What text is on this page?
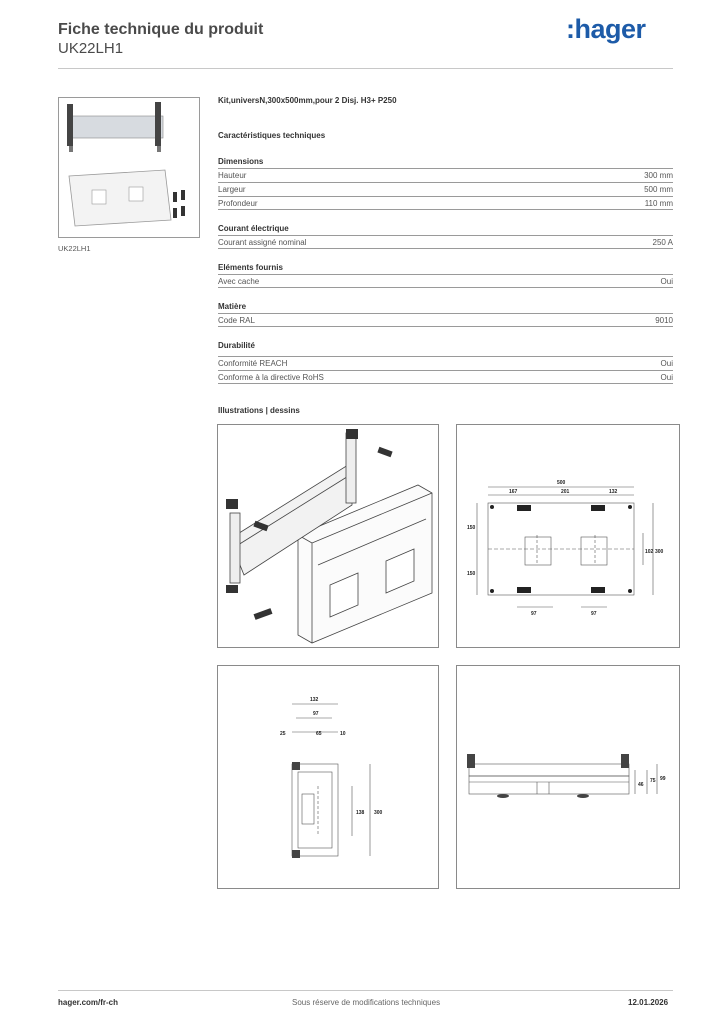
Fiche technique du produit
UK22LH1
:hager
UK22LH1
Kit,universN,300x500mm,pour 2 Disj. H3+ P250
Caractéristiques techniques
Dimensions
Hauteur	300 mm
Largeur	500 mm
Profondeur	110 mm
Courant électrique
Courant assigné nominal	250 A
Eléments fournis
Avec cache	Oui
Matière
Code RAL	9010
Durabilité
Conformité REACH	Oui
Conforme à la directive RoHS	Oui
Illustrations | dessins
500
167	201	132
150
150
102 300
97	97
132
97
25	65	10
138 300
46
75 99
hager.com/fr-ch	Sous réserve de modifications techniques	12.01.2026
